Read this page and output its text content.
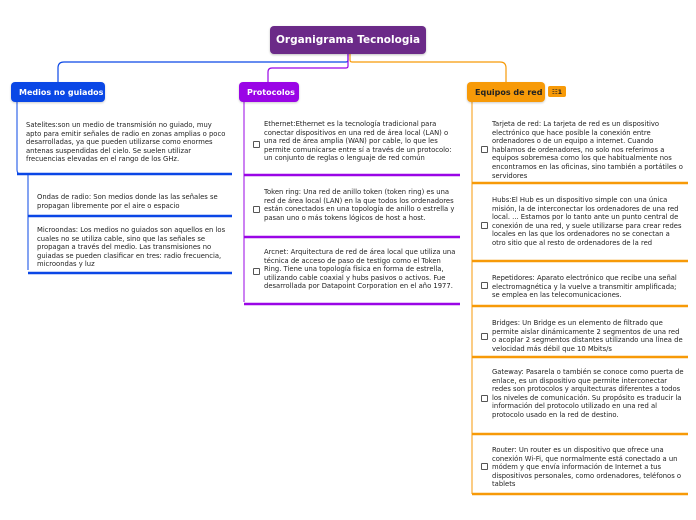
Organigrama Tecnologia
Medios no guiados	Protocolos	Equipos de red ☷1
Satelites:son un medio de transmisión no guiado, muy apto para emitir señales de radio en zonas amplias o poco desarrolladas, ya que pueden utilizarse como enormes antenas suspendidas del cielo. Se suelen utilizar frecuencias elevadas en el rango de los GHz.
Ondas de radio: Son medios donde las las señales se propagan libremente por el aire o espacio
Microondas: Los medios no guiados son aquellos en los cuales no se utiliza cable, sino que las señales se propagan a través del medio. Las transmisiones no guiadas se pueden clasificar en tres: radio frecuencia, microondas y luz
Ethernet:Ethernet es la tecnología tradicional para conectar dispositivos en una red de área local (LAN) o una red de área amplia (WAN) por cable, lo que les permite comunicarse entre sí a través de un protocolo: un conjunto de reglas o lenguaje de red común
Token ring: Una red de anillo token (token ring) es una red de área local (LAN) en la que todos los ordenadores están conectados en una topología de anillo o estrella y pasan uno o más tokens lógicos de host a host.
Arcnet: Arquitectura de red de área local que utiliza una técnica de acceso de paso de testigo como el Token Ring. Tiene una topología física en forma de estrella, utilizando cable coaxial y hubs pasivos o activos. Fue desarrollada por Datapoint Corporation en el año 1977.
Tarjeta de red: La tarjeta de red es un dispositivo electrónico que hace posible la conexión entre ordenadores o de un equipo a internet. Cuando hablamos de ordenadores, no solo nos referimos a equipos sobremesa como los que habitualmente nos encontramos en las oficinas, sino también a portátiles o servidores
Hubs:El Hub es un dispositivo simple con una única misión, la de interconectar los ordenadores de una red local. ... Estamos por lo tanto ante un punto central de conexión de una red, y suele utilizarse para crear redes locales en las que los ordenadores no se conectan a otro sitio que al resto de ordenadores de la red
Repetidores: Aparato electrónico que recibe una señal electromagnética y la vuelve a transmitir amplificada; se emplea en las telecomunicaciones.
Bridges: Un Bridge es un elemento de filtrado que permite aislar dinámicamente 2 segmentos de una red o acoplar 2 segmentos distantes utilizando una línea de velocidad más débil que 10 Mbits/s
Gateway: Pasarela o también se conoce como puerta de enlace, es un dispositivo que permite interconectar redes son protocolos y arquitecturas diferentes a todos los niveles de comunicación. Su propósito es traducir la información del protocolo utilizado en una red al protocolo usado en la red de destino.
Router: Un router es un dispositivo que ofrece una conexión Wi-Fi, que normalmente está conectado a un módem y que envía información de Internet a tus dispositivos personales, como ordenadores, teléfonos o tablets
